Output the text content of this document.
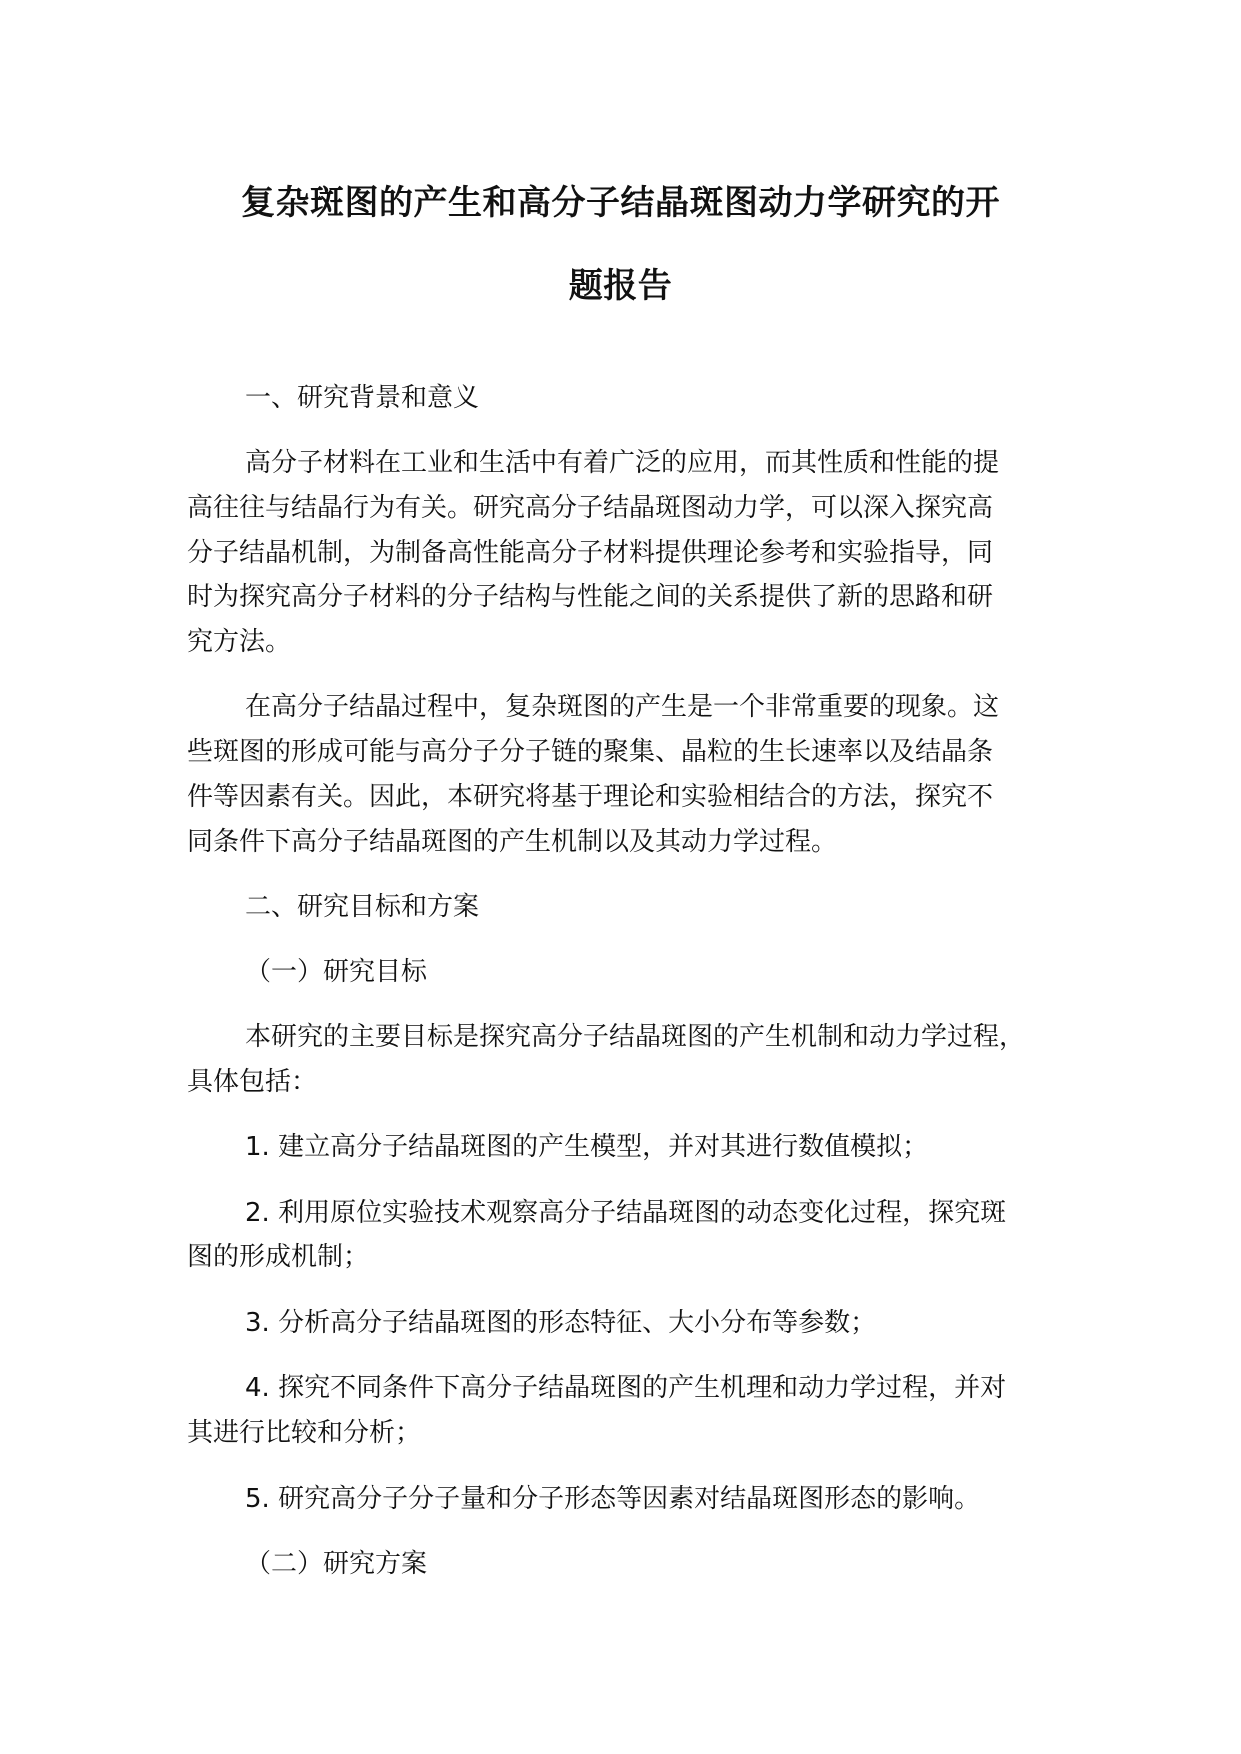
复杂斑图的产生和高分子结晶斑图动力学研究的开
题报告
一、研究背景和意义
高分子材料在工业和生活中有着广泛的应用，而其性质和性能的提
高往往与结晶行为有关。研究高分子结晶斑图动力学，可以深入探究高
分子结晶机制，为制备高性能高分子材料提供理论参考和实验指导，同
时为探究高分子材料的分子结构与性能之间的关系提供了新的思路和研
究方法。
在高分子结晶过程中，复杂斑图的产生是一个非常重要的现象。这
些斑图的形成可能与高分子分子链的聚集、晶粒的生长速率以及结晶条
件等因素有关。因此，本研究将基于理论和实验相结合的方法，探究不
同条件下高分子结晶斑图的产生机制以及其动力学过程。
二、研究目标和方案
（一）研究目标
本研究的主要目标是探究高分子结晶斑图的产生机制和动力学过程，
具体包括：
1. 建立高分子结晶斑图的产生模型，并对其进行数值模拟；
2. 利用原位实验技术观察高分子结晶斑图的动态变化过程，探究斑
图的形成机制；
3. 分析高分子结晶斑图的形态特征、大小分布等参数；
4. 探究不同条件下高分子结晶斑图的产生机理和动力学过程，并对
其进行比较和分析；
5. 研究高分子分子量和分子形态等因素对结晶斑图形态的影响。
（二）研究方案
